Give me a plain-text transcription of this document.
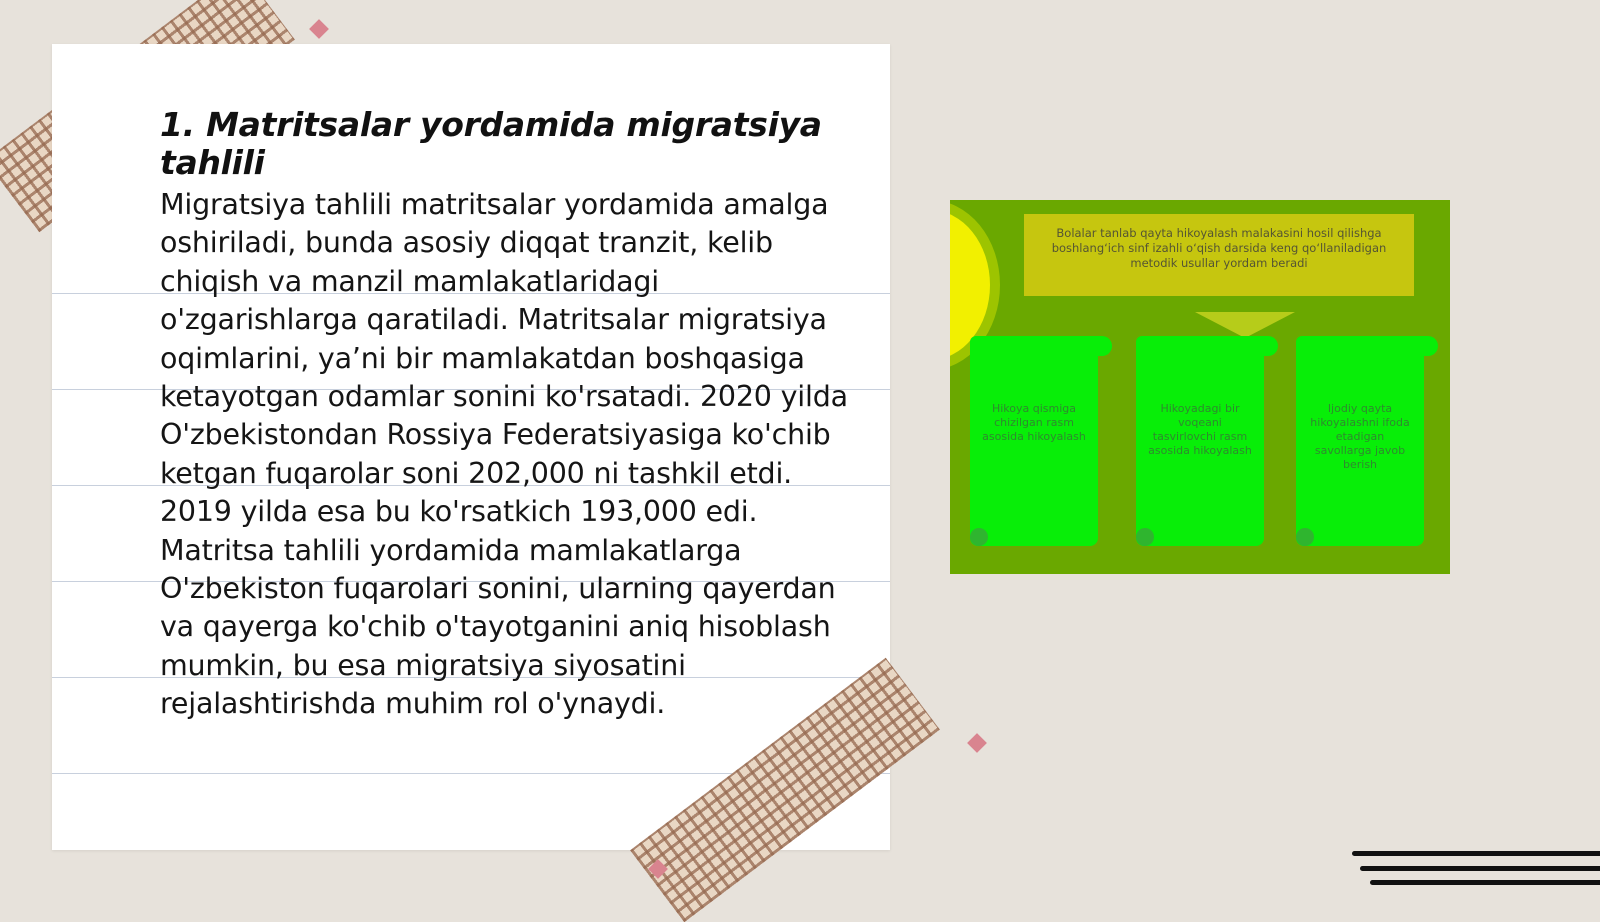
1. Matritsalar yordamida migratsiya tahlili

Migratsiya tahlili matritsalar yordamida amalga oshiriladi, bunda asosiy diqqat tranzit, kelib chiqish va manzil mamlakatlaridagi o'zgarishlarga qaratiladi. Matritsalar migratsiya oqimlarini, ya’ni bir mamlakatdan boshqasiga ketayotgan odamlar sonini ko'rsatadi. 2020 yilda O'zbekistondan Rossiya Federatsiyasiga ko'chib ketgan fuqarolar soni 202,000 ni tashkil etdi. 2019 yilda esa bu ko'rsatkich 193,000 edi. Matritsa tahlili yordamida mamlakatlarga O'zbekiston fuqarolari sonini, ularning qayerdan va qayerga ko'chib o'tayotganini aniq hisoblash mumkin, bu esa migratsiya siyosatini rejalashtirishda muhim rol o'ynaydi.

Bolalar tanlab qayta hikoyalash malakasini hosil qilishga boshlang‘ich sinf izahli o‘qish darsida keng qo‘llaniladigan metodik usullar yordam beradi
Hikoya qismiga chizilgan rasm asosida hikoyalash
Hikoyadagi bir voqeani tasvirlovchi rasm asosida hikoyalash
Ijodiy qayta hikoyalashni ifoda etadigan savollarga javob berish
